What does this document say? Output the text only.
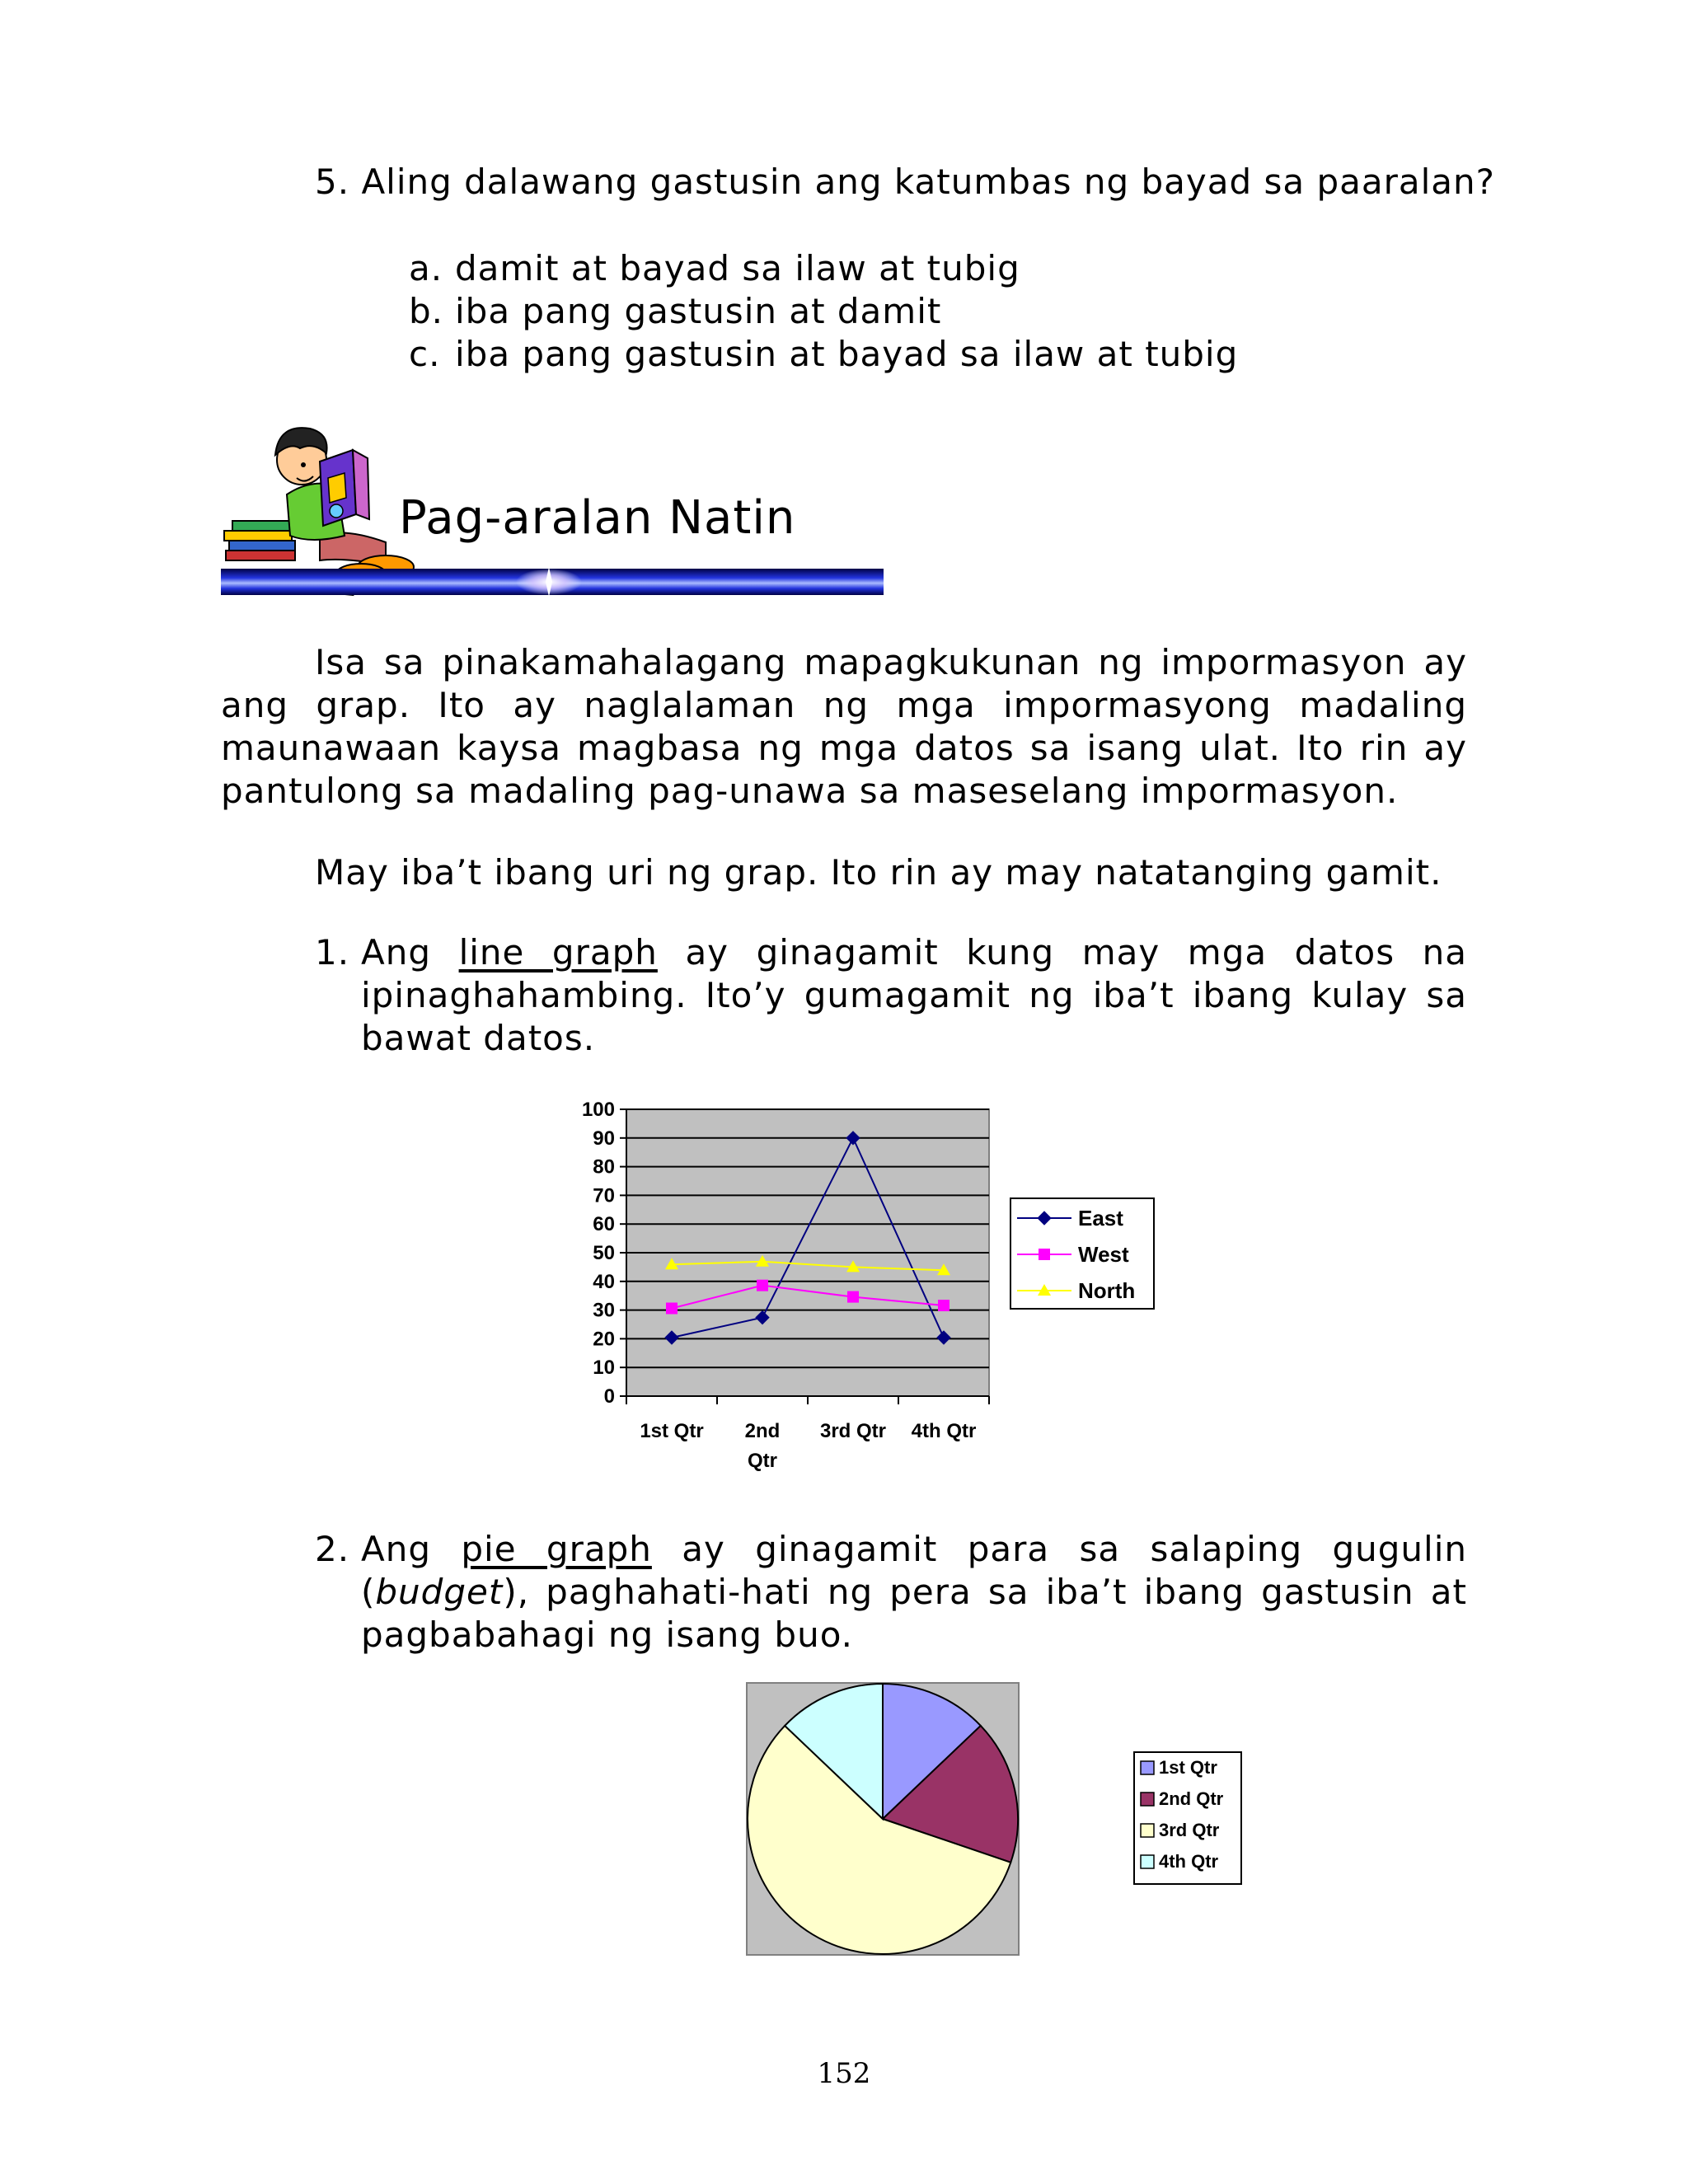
5. Aling dalawang gastusin ang katumbas ng bayad sa paaralan?
a. damit at bayad sa ilaw at tubig
b. iba pang gastusin at damit
c. iba pang gastusin at bayad sa ilaw at tubig
Pag-aralan Natin
Isa sa pinakamahalagang mapagkukunan ng impormasyon ay ang grap. Ito ay naglalaman ng mga impormasyong madaling maunawaan kaysa magbasa ng mga datos sa isang ulat. Ito rin ay pantulong sa madaling pag-unawa sa maseselang impormasyon.
May iba’t ibang uri ng grap. Ito rin ay may natatanging gamit.
1. Ang line graph ay ginagamit kung may mga datos na ipinaghahambing. Ito’y gumagamit ng iba’t ibang kulay sa bawat datos.
0
10
20
30
40
50
60
70
80
90
100
1st Qtr 2nd Qtr
3rd Qtr 4th Qtr
East
West
North
2. Ang pie graph ay ginagamit para sa salaping gugulin (budget), paghahati-hati ng pera sa iba’t ibang gastusin at pagbabahagi ng isang buo.
1st Qtr
2nd Qtr
3rd Qtr
4th Qtr
152
